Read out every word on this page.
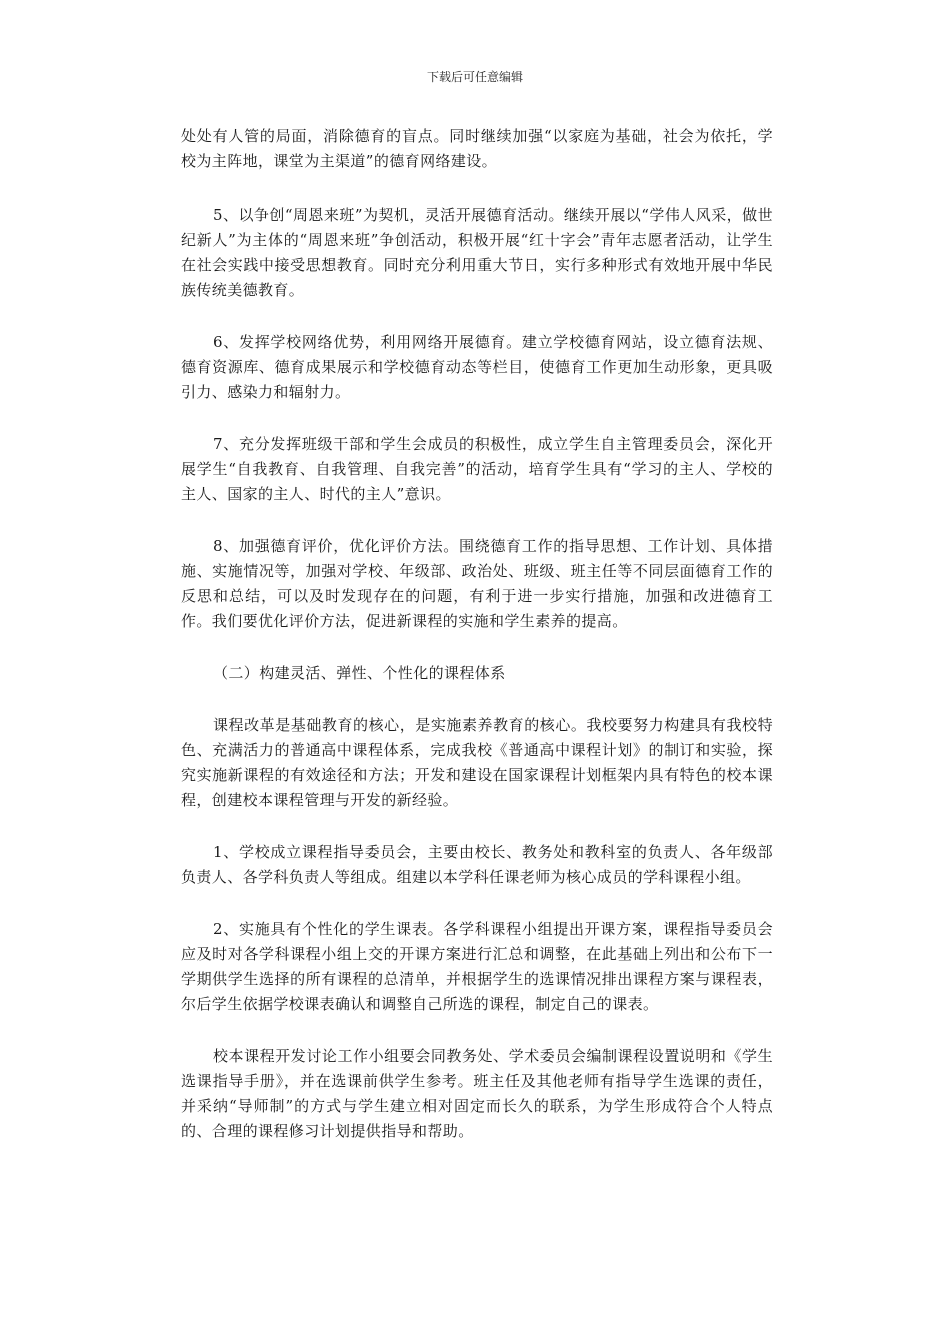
下载后可任意编辑

处处有人管的局面，消除德育的盲点。同时继续加强“以家庭为基础，社会为依托，学校为主阵地，课堂为主渠道”的德育网络建设。

5、以争创“周恩来班”为契机，灵活开展德育活动。继续开展以“学伟人风采，做世纪新人”为主体的“周恩来班”争创活动，积极开展“红十字会”青年志愿者活动，让学生在社会实践中接受思想教育。同时充分利用重大节日，实行多种形式有效地开展中华民族传统美德教育。

6、发挥学校网络优势，利用网络开展德育。建立学校德育网站，设立德育法规、德育资源库、德育成果展示和学校德育动态等栏目，使德育工作更加生动形象，更具吸引力、感染力和辐射力。

7、充分发挥班级干部和学生会成员的积极性，成立学生自主管理委员会，深化开展学生“自我教育、自我管理、自我完善”的活动，培育学生具有“学习的主人、学校的主人、国家的主人、时代的主人”意识。

8、加强德育评价，优化评价方法。围绕德育工作的指导思想、工作计划、具体措施、实施情况等，加强对学校、年级部、政治处、班级、班主任等不同层面德育工作的反思和总结，可以及时发现存在的问题，有利于进一步实行措施，加强和改进德育工作。我们要优化评价方法，促进新课程的实施和学生素养的提高。

（二）构建灵活、弹性、个性化的课程体系

课程改革是基础教育的核心，是实施素养教育的核心。我校要努力构建具有我校特色、充满活力的普通高中课程体系，完成我校《普通高中课程计划》的制订和实验，探究实施新课程的有效途径和方法；开发和建设在国家课程计划框架内具有特色的校本课程，创建校本课程管理与开发的新经验。

1、学校成立课程指导委员会，主要由校长、教务处和教科室的负责人、各年级部负责人、各学科负责人等组成。组建以本学科任课老师为核心成员的学科课程小组。

2、实施具有个性化的学生课表。各学科课程小组提出开课方案，课程指导委员会应及时对各学科课程小组上交的开课方案进行汇总和调整，在此基础上列出和公布下一学期供学生选择的所有课程的总清单，并根据学生的选课情况排出课程方案与课程表，尔后学生依据学校课表确认和调整自己所选的课程，制定自己的课表。

校本课程开发讨论工作小组要会同教务处、学术委员会编制课程设置说明和《学生选课指导手册》，并在选课前供学生参考。班主任及其他老师有指导学生选课的责任，并采纳“导师制”的方式与学生建立相对固定而长久的联系，为学生形成符合个人特点的、合理的课程修习计划提供指导和帮助。
